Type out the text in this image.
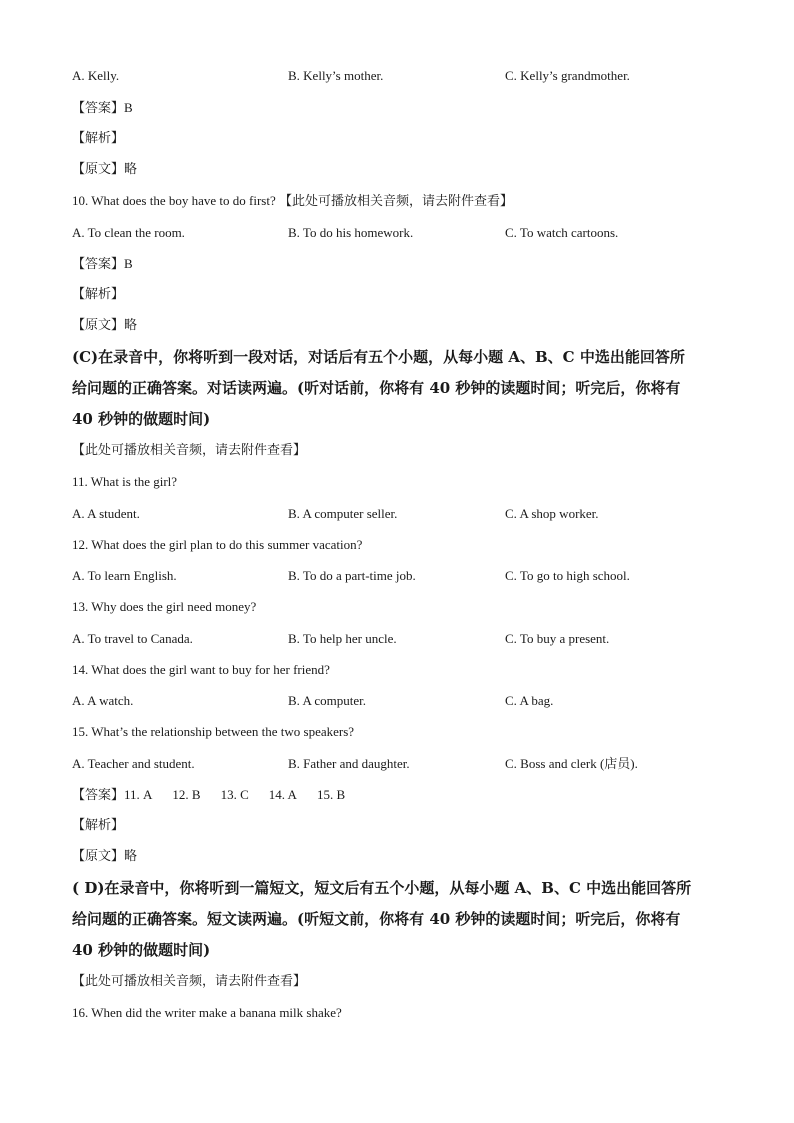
A. Kelly.	B. Kelly’s mother.	C. Kelly’s grandmother.
【答案】B
【解析】
【原文】略
10. What does the boy have to do first? 【此处可播放相关音频，请去附件查看】
A. To clean the room.	B. To do his homework.	C. To watch cartoons.
【答案】B
【解析】
【原文】略
(C)在录音中，你将听到一段对话，对话后有五个小题，从每小题 A、B、C 中选出能回答所
给问题的正确答案。对话读两遍。(听对话前，你将有 40 秒钟的读题时间；听完后，你将有
40 秒钟的做题时间)
【此处可播放相关音频，请去附件查看】
11. What is the girl?
A. A student.	B. A computer seller.	C. A shop worker.
12. What does the girl plan to do this summer vacation?
A. To learn English.	B. To do a part-time job.	C. To go to high school.
13. Why does the girl need money?
A. To travel to Canada.	B. To help her uncle.	C. To buy a present.
14. What does the girl want to buy for her friend?
A. A watch.	B. A computer.	C. A bag.
15. What’s the relationship between the two speakers?
A. Teacher and student.	B. Father and daughter.	C. Boss and clerk (店员).
【答案】11. A 12. B 13. C 14. A 15. B
【解析】
【原文】略
( D)在录音中，你将听到一篇短文，短文后有五个小题，从每小题 A、B、C 中选出能回答所
给问题的正确答案。短文读两遍。(听短文前，你将有 40 秒钟的读题时间；听完后，你将有
40 秒钟的做题时间)
【此处可播放相关音频，请去附件查看】
16. When did the writer make a banana milk shake?
